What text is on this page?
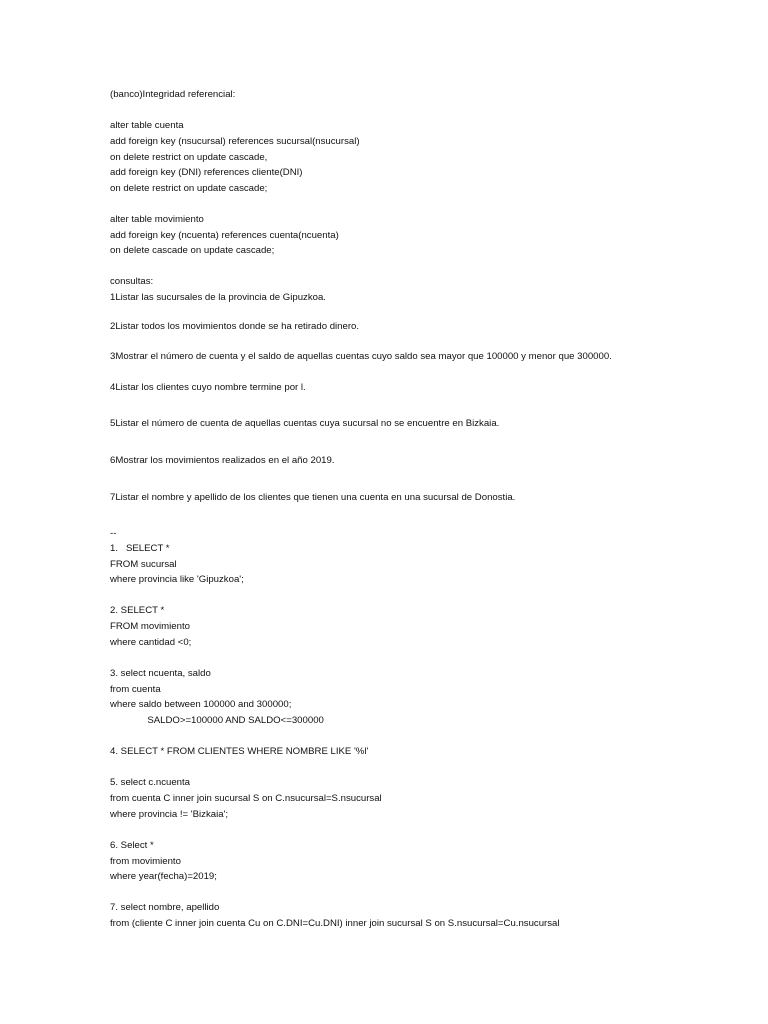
(banco)Integridad referencial:

alter table cuenta

add foreign key (nsucursal) references sucursal(nsucursal)

on delete restrict on update cascade,

add foreign key (DNI) references cliente(DNI)

on delete restrict on update cascade;

alter table movimiento

add foreign key (ncuenta) references cuenta(ncuenta)

on delete cascade on update cascade;

consultas:

1Listar las sucursales de la provincia de Gipuzkoa.

2Listar todos los movimientos donde se ha retirado dinero.

3Mostrar el número de cuenta y el saldo de aquellas cuentas cuyo saldo sea mayor que 100000 y menor que 300000.

4Listar los clientes cuyo nombre termine por l.

5Listar el número de cuenta de aquellas cuentas cuya sucursal no se encuentre en Bizkaia.

6Mostrar los movimientos realizados en el año 2019.

7Listar el nombre y apellido de los clientes que tienen una cuenta en una sucursal de Donostia.

--

1.   SELECT *

FROM sucursal

where provincia like 'Gipuzkoa';

2. SELECT *

FROM movimiento

where cantidad <0;

3. select ncuenta, saldo

from cuenta

where saldo between 100000 and 300000;

SALDO>=100000 AND SALDO<=300000

4. SELECT * FROM CLIENTES WHERE NOMBRE LIKE '%l'

5. select c.ncuenta

from cuenta C inner join sucursal S on C.nsucursal=S.nsucursal

where provincia != 'Bizkaia';

6. Select *

from movimiento

where year(fecha)=2019;

7. select nombre, apellido

from (cliente C inner join cuenta Cu on C.DNI=Cu.DNI) inner join sucursal S on S.nsucursal=Cu.nsucursal
